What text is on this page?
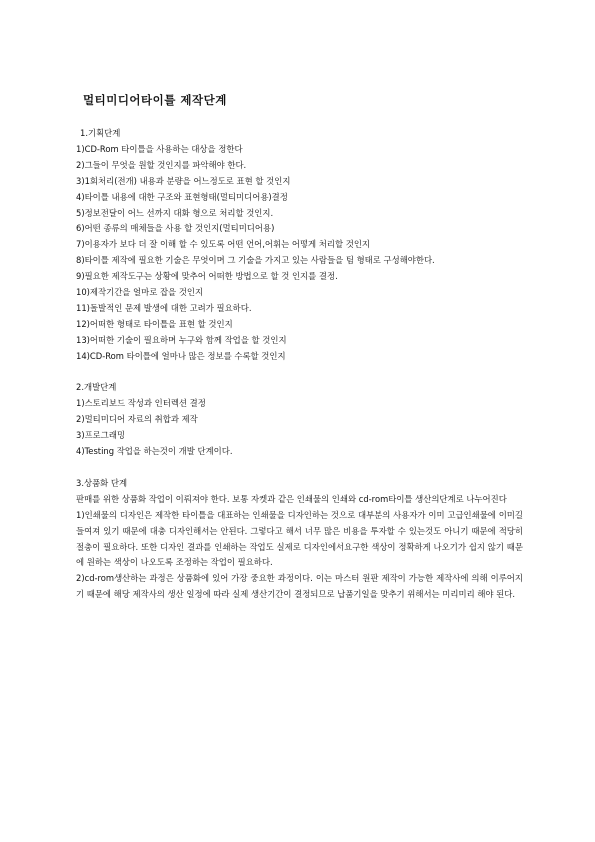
멀티미디어타이틀 제작단계

1.기획단계

1)CD-Rom 타이틀을 사용하는 대상을 정한다

2)그들이 무엇을 원할 것인지를 파악해야 한다.

3)1회처리(전개) 내용과 분량을 어느정도로 표현 할 것인지

4)타이틀 내용에 대한 구조와 표현형태(멀티미디어용)결정

5)정보전달이 어느 선까지 대화 형으로 처리할 것인지.

6)어떤 종류의 매체들을 사용 할 것인지(멀티미디어용)

7)이용자가 보다 더 잘 이해 할 수 있도록 어떤 언어,어휘는 어떻게 처리할 것인지

8)타이틀 제작에 필요한 기술은 무엇이며 그 기술을 가지고 있는 사람들을 팀 형태로 구성해야한다.

9)필요한 제작도구는 상황에 맞추어 어떠한 방법으로 할 것 인지를 결정.

10)제작기간을 얼마로 잡을 것인지

11)돌발적인 문제 발생에 대한 고려가 필요하다.

12)어떠한 형태로 타이틀을 표현 할 것인지

13)어떠한 기술이 필요하며 누구와 함께 작업을 할 것인지

14)CD-Rom 타이틀에 얼마나 많은 정보를 수록할 것인지

2.개발단계

1)스토리보드 작성과 인터렉션 결정

2)멀티미디어 자료의 취합과 제작

3)프로그래밍

4)Testing 작업을 하는것이 개발 단계이다.

3.상품화 단계

판매를 위한 상품화 작업이 이뤄져야 한다. 보통 자켓과 같은 인쇄물의 인쇄와 cd-rom타이틀 생산의단계로 나누어진다

1)인쇄물의 디자인은 제작한 타이틀을 대표하는 인쇄물을 디자인하는 것으로 대부분의 사용자가 이미 고급인쇄물에 이미길들여져 있기 때문에 대충 디자인해서는 안된다. 그렇다고 해서 너무 많은 비용을 투자할 수 있는것도 아니기 때문에 적당히 절충이 필요하다. 또한 디자인 결과를 인쇄하는 작업도 실제로 디자인에서요구한 색상이 정확하게 나오기가 쉽지 않기 때문에 원하는 색상이 나오도록 조정하는 작업이 필요하다.

2)cd-rom생산하는 과정은 상품화에 있어 가장 중요한 과정이다. 이는 마스터 원판 제작이 가능한 제작사에 의해 이루어지기 때문에 해당 제작사의 생산 일정에 따라 실제 생산기간이 결정되므로 납품기일을 맞추기 위해서는 미리미리 해야 된다.
